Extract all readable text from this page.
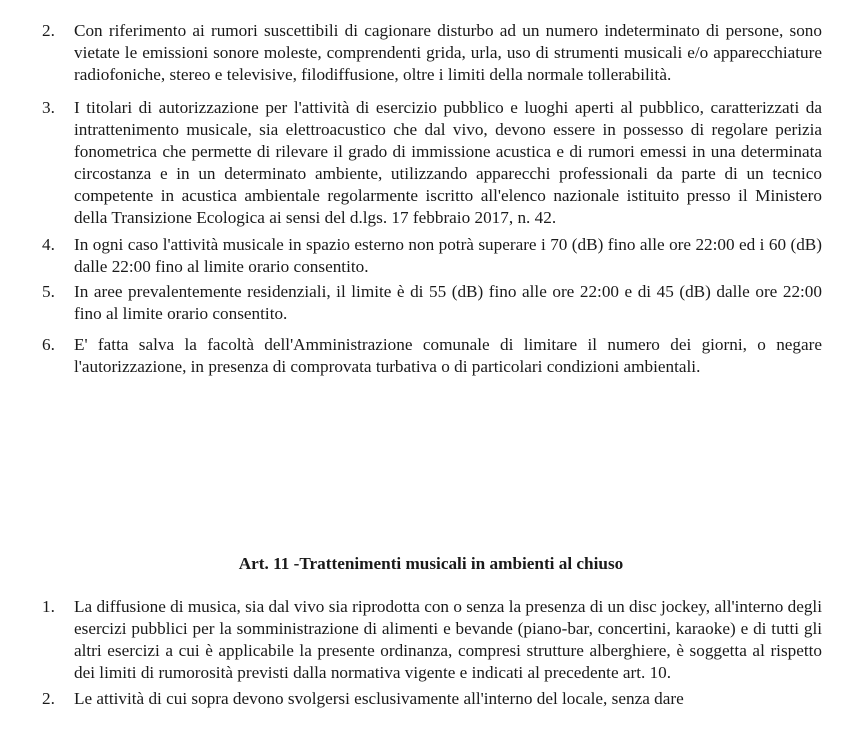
2. Con riferimento ai rumori suscettibili di cagionare disturbo ad un numero indeterminato di persone, sono vietate le emissioni sonore moleste, comprendenti grida, urla, uso di strumenti musicali e/o apparecchiature radiofoniche, stereo e televisive, filodiffusione, oltre i limiti della normale tollerabilità.
3. I titolari di autorizzazione per l'attività di esercizio pubblico e luoghi aperti al pubblico, caratterizzati da intrattenimento musicale, sia elettroacustico che dal vivo, devono essere in possesso di regolare perizia fonometrica che permette di rilevare il grado di immissione acustica e di rumori emessi in una determinata circostanza e in un determinato ambiente, utilizzando apparecchi professionali da parte di un tecnico competente in acustica ambientale regolarmente iscritto all'elenco nazionale istituito presso il Ministero della Transizione Ecologica ai sensi del d.lgs. 17 febbraio 2017, n. 42.
4. In ogni caso l'attività musicale in spazio esterno non potrà superare i 70 (dB) fino alle ore 22:00 ed i 60 (dB) dalle 22:00 fino al limite orario consentito.
5. In aree prevalentemente residenziali, il limite è di 55 (dB) fino alle ore 22:00 e di 45 (dB) dalle ore 22:00 fino al limite orario consentito.
6. E' fatta salva la facoltà dell'Amministrazione comunale di limitare il numero dei giorni, o negare l'autorizzazione, in presenza di comprovata turbativa o di particolari condizioni ambientali.
Art. 11 -Trattenimenti musicali in ambienti al chiuso
1. La diffusione di musica, sia dal vivo sia riprodotta con o senza la presenza di un disc jockey, all'interno degli esercizi pubblici per la somministrazione di alimenti e bevande (piano-bar, concertini, karaoke) e di tutti gli altri esercizi a cui è applicabile la presente ordinanza, compresi strutture alberghiere, è soggetta al rispetto dei limiti di rumorosità previsti dalla normativa vigente e indicati al precedente art. 10.
2. Le attività di cui sopra devono svolgersi esclusivamente all'interno del locale, senza dare
